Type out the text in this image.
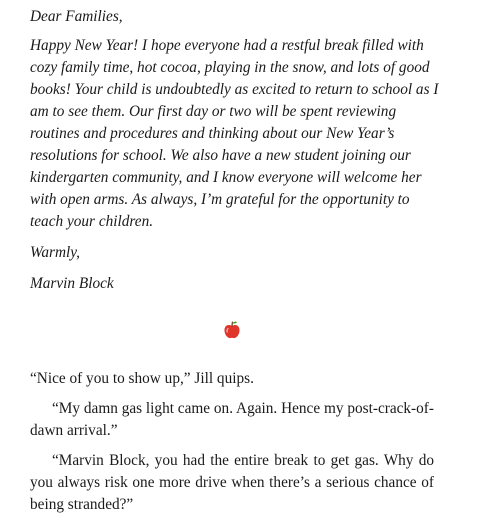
Dear Families,

Happy New Year! I hope everyone had a restful break filled with cozy family time, hot cocoa, playing in the snow, and lots of good books! Your child is undoubtedly as excited to return to school as I am to see them. Our first day or two will be spent reviewing routines and procedures and thinking about our New Year’s resolutions for school. We also have a new student joining our kindergarten community, and I know everyone will welcome her with open arms. As always, I’m grateful for the opportunity to teach your children.

Warmly,

Marvin Block

“Nice of you to show up,” Jill quips.

“My damn gas light came on. Again. Hence my post-crack-of-dawn arrival.”

“Marvin Block, you had the entire break to get gas. Why do you always risk one more drive when there’s a serious chance of being stranded?”
